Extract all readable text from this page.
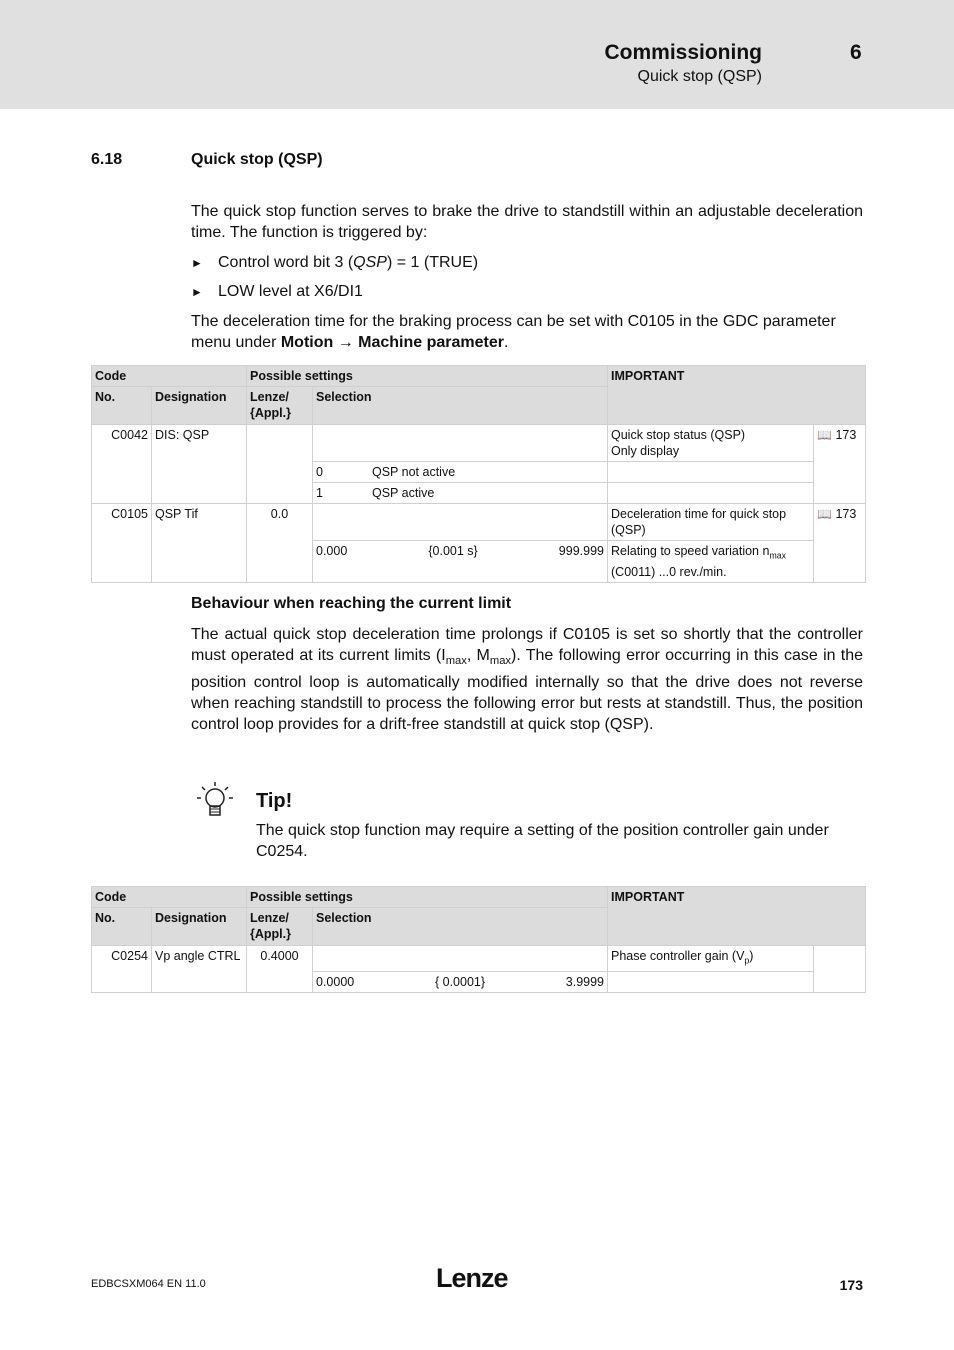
Commissioning	6
Quick stop (QSP)
6.18	Quick stop (QSP)
The quick stop function serves to brake the drive to standstill within an adjustable deceleration time. The function is triggered by:
► Control word bit 3 (QSP) = 1 (TRUE)
► LOW level at X6/DI1
The deceleration time for the braking process can be set with C0105 in the GDC parameter menu under Motion → Machine parameter.
Code		Possible settings		IMPORTANT	
No.	Designation	Lenze/
{Appl.}	Selection		
C0042	DIS: QSP			Quick stop status (QSP)
Only display	📖 173
			0 QSP not active		
			1 QSP active		
C0105	QSP Tif	0.0		Deceleration time for quick stop
(QSP)	📖 173

			0.000 {0.001 s} 999.999	Relating to speed variation $n_{max}$
(C0011) ...0 rev./min.	
Behaviour when reaching the current limit
The actual quick stop deceleration time prolongs if C0105 is set so shortly that the controller must operated at its current limits ($I_{max}$, $M_{max}$). The following error occurring in this case in the position control loop is automatically modified internally so that the drive does not reverse when reaching standstill to process the following error but rests at standstill. Thus, the position control loop provides for a drift-free standstill at quick stop (QSP).
Tip!
The quick stop function may require a setting of the position controller gain under C0254.
Code		Possible settings		IMPORTANT	
No.	Designation	Lenze/
{Appl.}	Selection		
C0254	Vp angle CTRL	0.4000		Phase controller gain $(V_p)$	

			0.0000 { 0.0001} 3.9999		

EDBCSXM064 EN 11.0	Lenze	173
